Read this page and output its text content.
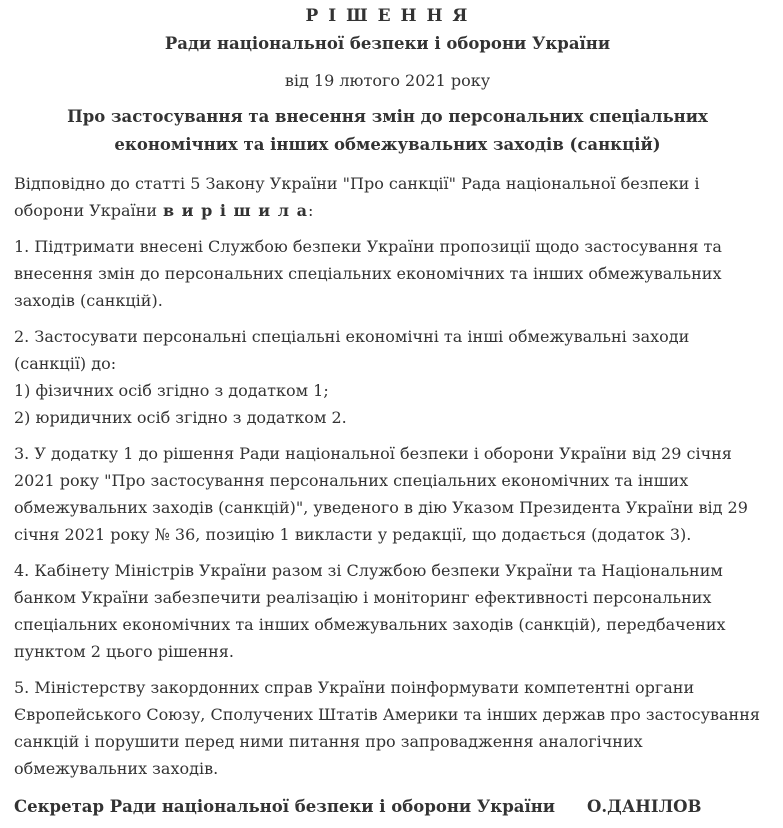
Р І Ш Е Н Н Я
Ради національної безпеки і оборони України

від 19 лютого 2021 року

Про застосування та внесення змін до персональних спеціальних економічних та інших обмежувальних заходів (санкцій)

Відповідно до статті 5 Закону України "Про санкції" Рада національної безпеки і оборони України в и р і ш и л а:

1. Підтримати внесені Службою безпеки України пропозиції щодо застосування та внесення змін до персональних спеціальних економічних та інших обмежувальних заходів (санкцій).

2. Застосувати персональні спеціальні економічні та інші обмежувальні заходи (санкції) до:

1) фізичних осіб згідно з додатком 1;

2) юридичних осіб згідно з додатком 2.

3. У додатку 1 до рішення Ради національної безпеки і оборони України від 29 січня 2021 року "Про застосування персональних спеціальних економічних та інших обмежувальних заходів (санкцій)", уведеного в дію Указом Президента України від 29 січня 2021 року № 36, позицію 1 викласти у редакції, що додається (додаток 3).

4. Кабінету Міністрів України разом зі Службою безпеки України та Національним банком України забезпечити реалізацію і моніторинг ефективності персональних спеціальних економічних та інших обмежувальних заходів (санкцій), передбачених пунктом 2 цього рішення.

5. Міністерству закордонних справ України поінформувати компетентні органи Європейського Союзу, Сполучених Штатів Америки та інших держав про застосування санкцій і порушити перед ними питання про запровадження аналогічних обмежувальних заходів.

Секретар Ради національної безпеки і оборони України О.ДАНІЛОВ
